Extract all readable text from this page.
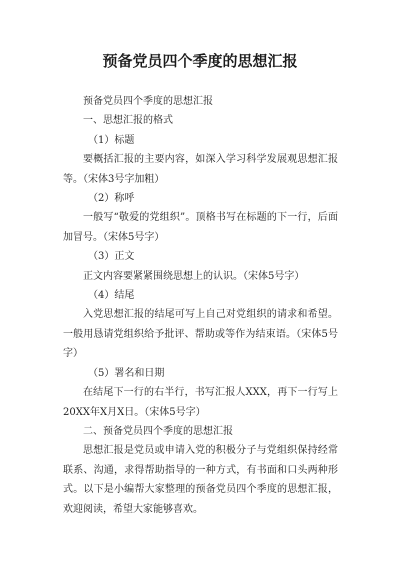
预备党员四个季度的思想汇报

预备党员四个季度的思想汇报

一、思想汇报的格式

（1）标题

要概括汇报的主要内容，如深入学习科学发展观思想汇报等。（宋体3号字加粗）

（2）称呼

一般写“敬爱的党组织”。顶格书写在标题的下一行，后面加冒号。（宋体5号字）

（3）正文

正文内容要紧紧围绕思想上的认识。（宋体5号字）

（4）结尾

入党思想汇报的结尾可写上自己对党组织的请求和希望。一般用恳请党组织给予批评、帮助或等作为结束语。（宋体5号字）

（5）署名和日期

在结尾下一行的右半行，书写汇报人XXX，再下一行写上20XX年X月X日。（宋体5号字）

二、预备党员四个季度的思想汇报

思想汇报是党员或申请入党的积极分子与党组织保持经常联系、沟通，求得帮助指导的一种方式，有书面和口头两种形式。以下是小编帮大家整理的预备党员四个季度的思想汇报，欢迎阅读，希望大家能够喜欢。
